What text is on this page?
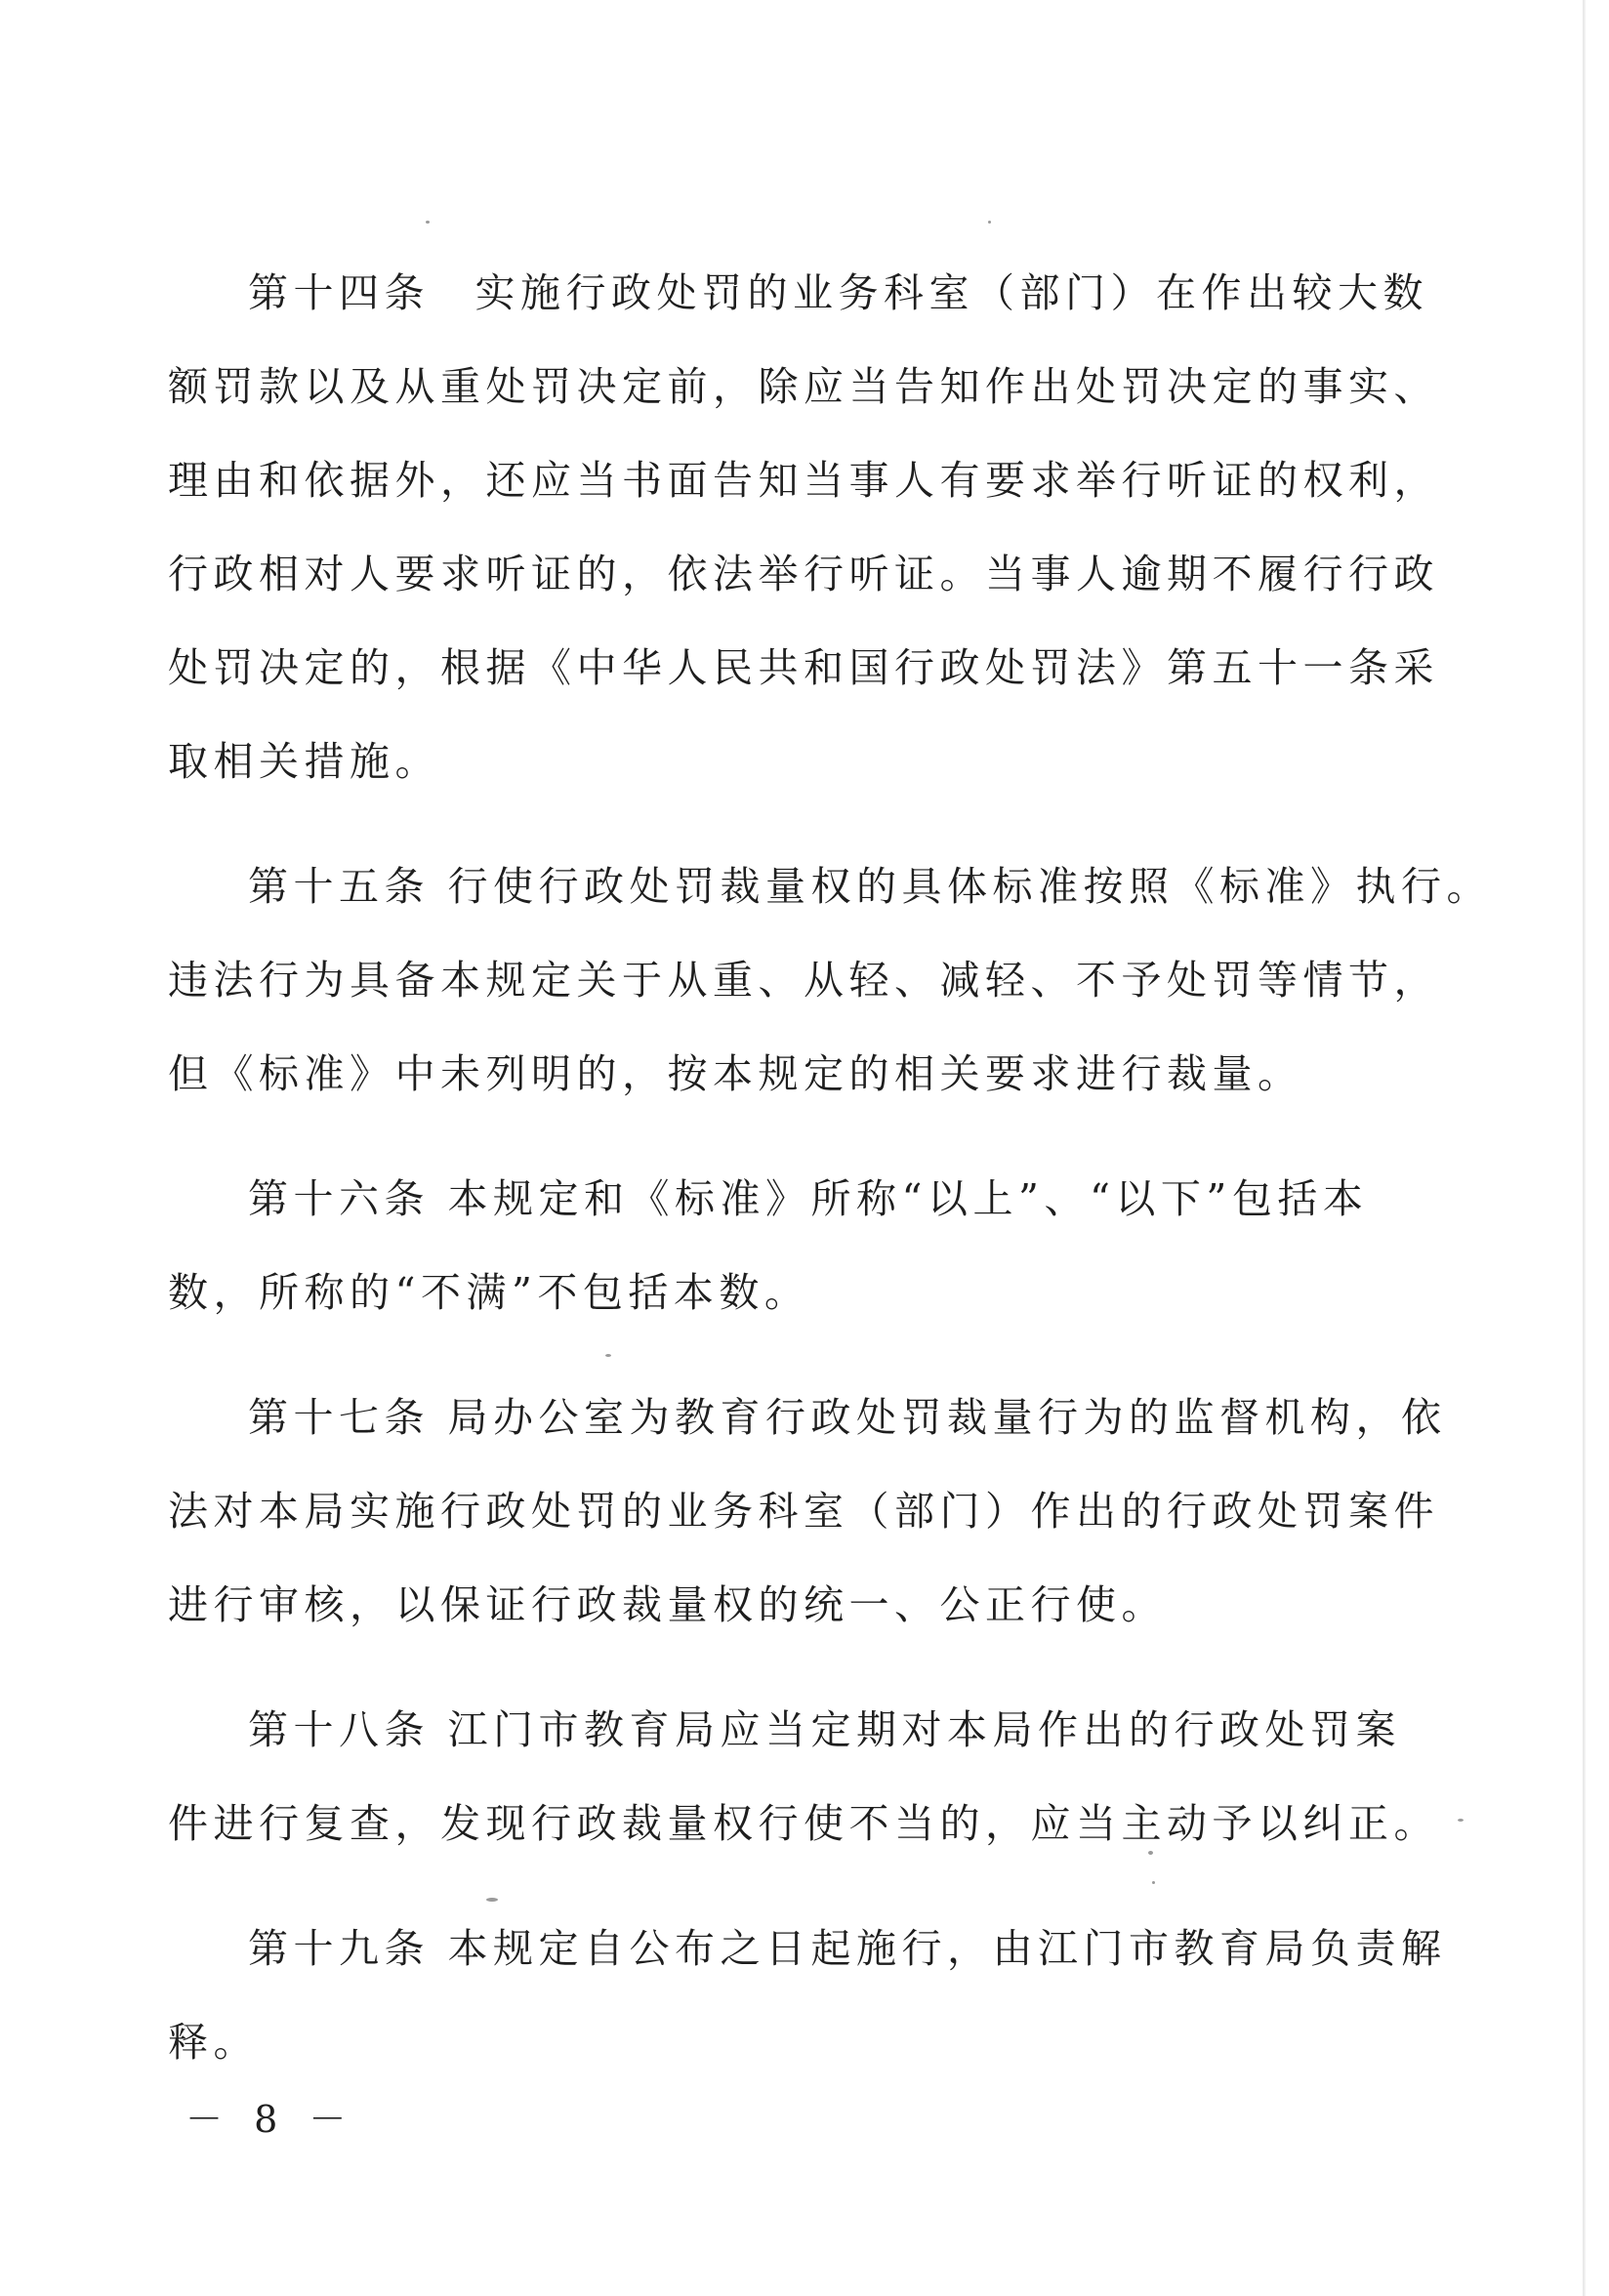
第十四条　实施行政处罚的业务科室（部门）在作出较大数
额罚款以及从重处罚决定前，除应当告知作出处罚决定的事实、
理由和依据外，还应当书面告知当事人有要求举行听证的权利，
行政相对人要求听证的，依法举行听证。当事人逾期不履行行政
处罚决定的，根据《中华人民共和国行政处罚法》第五十一条采
取相关措施。
第十五条 行使行政处罚裁量权的具体标准按照《标准》执行。
违法行为具备本规定关于从重、从轻、减轻、不予处罚等情节，
但《标准》中未列明的，按本规定的相关要求进行裁量。
第十六条 本规定和《标准》所称“以上”、“以下”包括本
数，所称的“不满”不包括本数。
第十七条 局办公室为教育行政处罚裁量行为的监督机构，依
法对本局实施行政处罚的业务科室（部门）作出的行政处罚案件
进行审核，以保证行政裁量权的统一、公正行使。
第十八条 江门市教育局应当定期对本局作出的行政处罚案
件进行复查，发现行政裁量权行使不当的，应当主动予以纠正。
第十九条 本规定自公布之日起施行，由江门市教育局负责解
释。
－ 8 －
